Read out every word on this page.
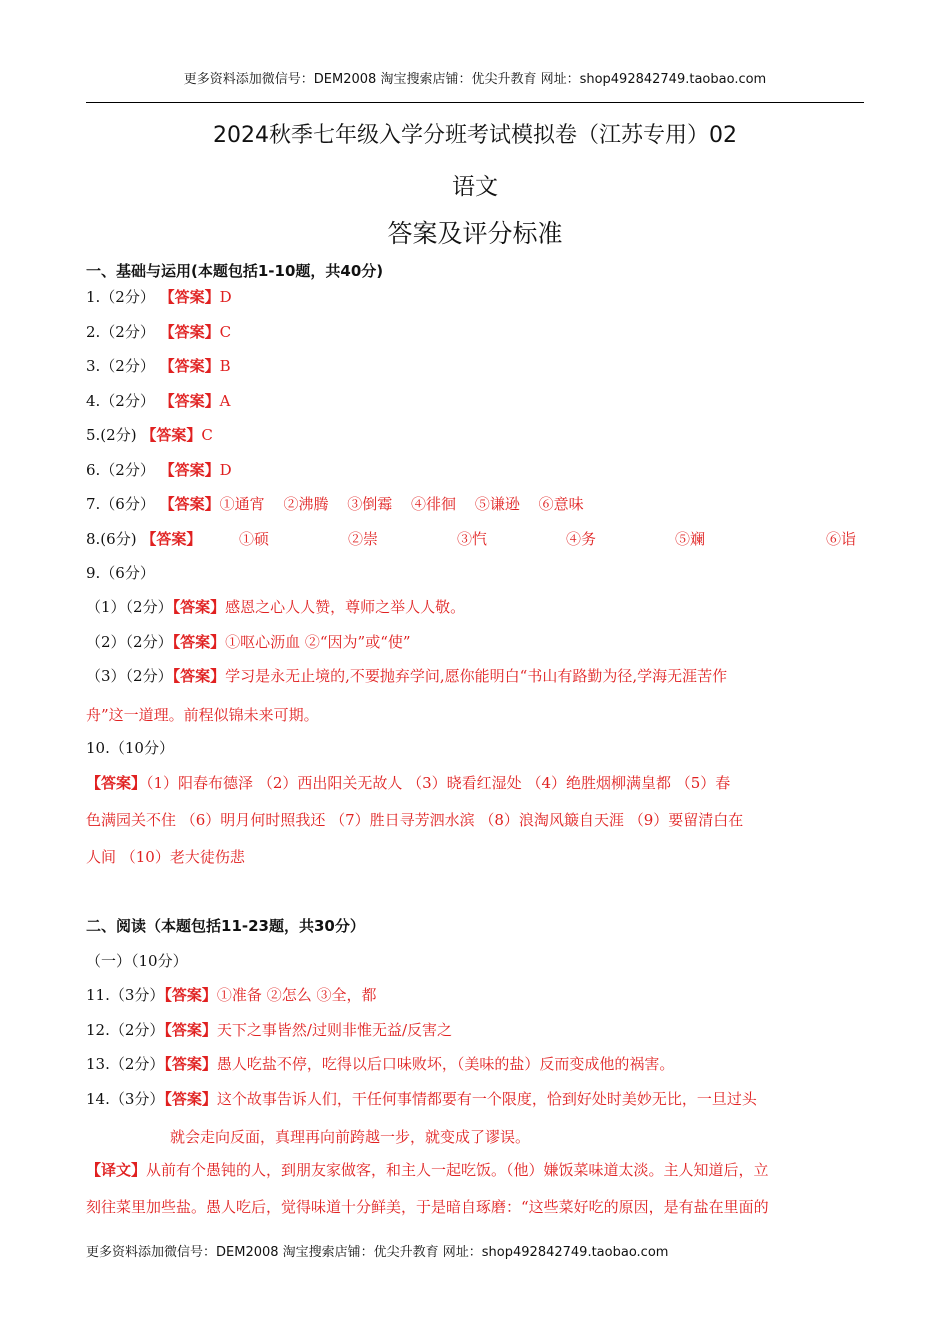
更多资料添加微信号：DEM2008 淘宝搜索店铺：优尖升教育 网址：shop492842749.taobao.com
2024秋季七年级入学分班考试模拟卷（江苏专用）02
语文
答案及评分标准
一、基础与运用(本题包括1-10题，共40分)
1.（2分） 【答案】D
2.（2分） 【答案】C
3.（2分） 【答案】B
4.（2分） 【答案】A
5.(2分) 【答案】C
6.（2分） 【答案】D
7.（6分） 【答案】①通宵 ②沸腾 ③倒霉 ④徘徊 ⑤谦逊 ⑥意味
8.(6分) 【答案】	①硕	②崇	③忾	④务	⑤斓	⑥诣
9.（6分）
（1）（2分）【答案】感恩之心人人赞，尊师之举人人敬。
（2）（2分）【答案】①呕心沥血 ②“因为”或“使”
（3）（2分）【答案】学习是永无止境的,不要抛弃学问,愿你能明白“书山有路勤为径,学海无涯苦作
舟”这一道理。前程似锦未来可期。
10.（10分）
【答案】（1）阳春布德泽 （2）西出阳关无故人 （3）晓看红湿处 （4）绝胜烟柳满皇都 （5）春
色满园关不住 （6）明月何时照我还 （7）胜日寻芳泗水滨 （8）浪淘风簸自天涯 （9）要留清白在
人间 （10）老大徒伤悲
二、阅读（本题包括11-23题，共30分）
（一）（10分）
11.（3分）【答案】①准备 ②怎么 ③全，都
12.（2分）【答案】天下之事皆然/过则非惟无益/反害之
13.（2分）【答案】愚人吃盐不停，吃得以后口味败坏，（美味的盐）反而变成他的祸害。
14.（3分）【答案】这个故事告诉人们，干任何事情都要有一个限度，恰到好处时美妙无比，一旦过头
就会走向反面，真理再向前跨越一步，就变成了谬误。
【译文】从前有个愚钝的人，到朋友家做客，和主人一起吃饭。（他）嫌饭菜味道太淡。主人知道后，立
刻往菜里加些盐。愚人吃后，觉得味道十分鲜美，于是暗自琢磨：“这些菜好吃的原因，是有盐在里面的
更多资料添加微信号：DEM2008 淘宝搜索店铺：优尖升教育 网址：shop492842749.taobao.com
